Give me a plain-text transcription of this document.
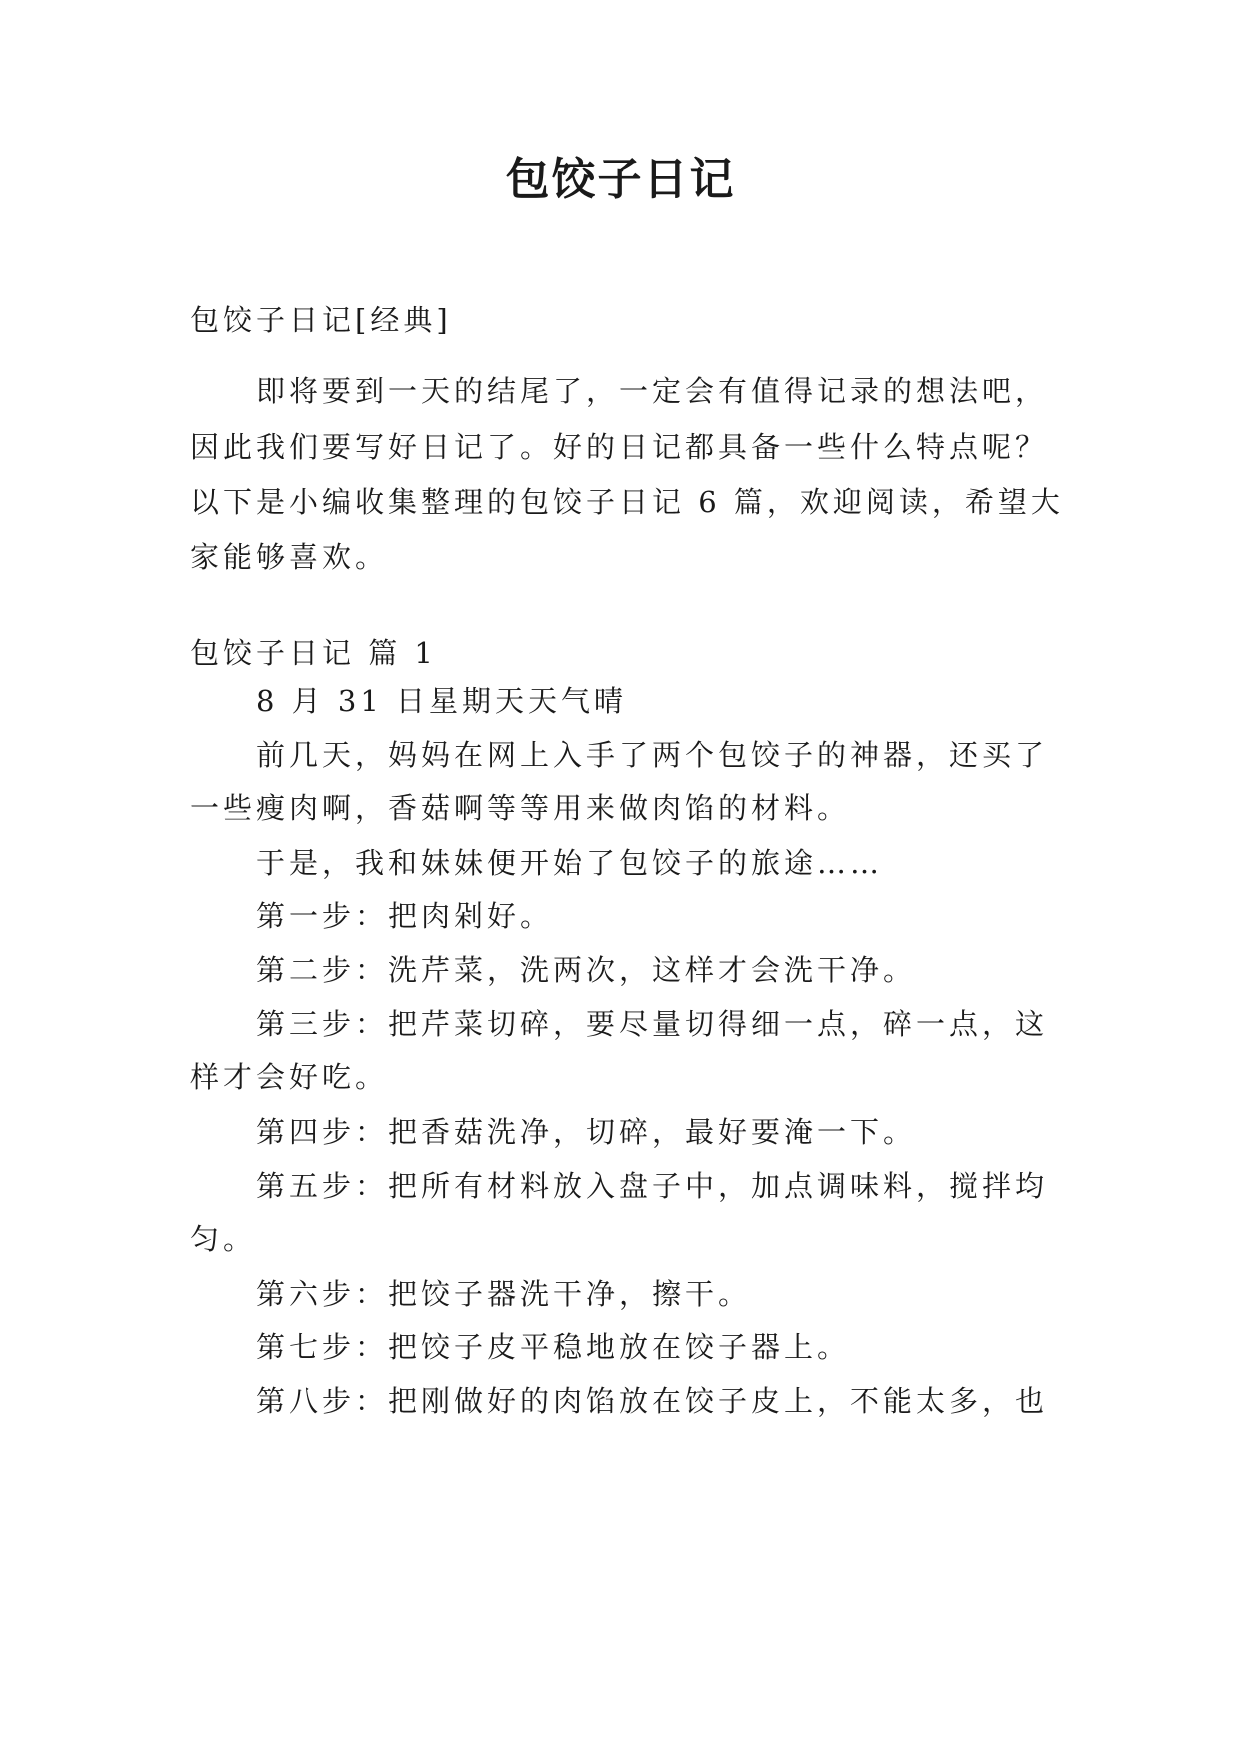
包饺子日记
包饺子日记[经典]
即将要到一天的结尾了，一定会有值得记录的想法吧，
因此我们要写好日记了。好的日记都具备一些什么特点呢？
以下是小编收集整理的包饺子日记 6 篇，欢迎阅读，希望大
家能够喜欢。
包饺子日记 篇 1
8 月 31 日星期天天气晴
前几天，妈妈在网上入手了两个包饺子的神器，还买了
一些瘦肉啊，香菇啊等等用来做肉馅的材料。
于是，我和妹妹便开始了包饺子的旅途……
第一步：把肉剁好。
第二步：洗芹菜，洗两次，这样才会洗干净。
第三步：把芹菜切碎，要尽量切得细一点，碎一点，这
样才会好吃。
第四步：把香菇洗净，切碎，最好要淹一下。
第五步：把所有材料放入盘子中，加点调味料，搅拌均
匀。
第六步：把饺子器洗干净，擦干。
第七步：把饺子皮平稳地放在饺子器上。
第八步：把刚做好的肉馅放在饺子皮上，不能太多，也
